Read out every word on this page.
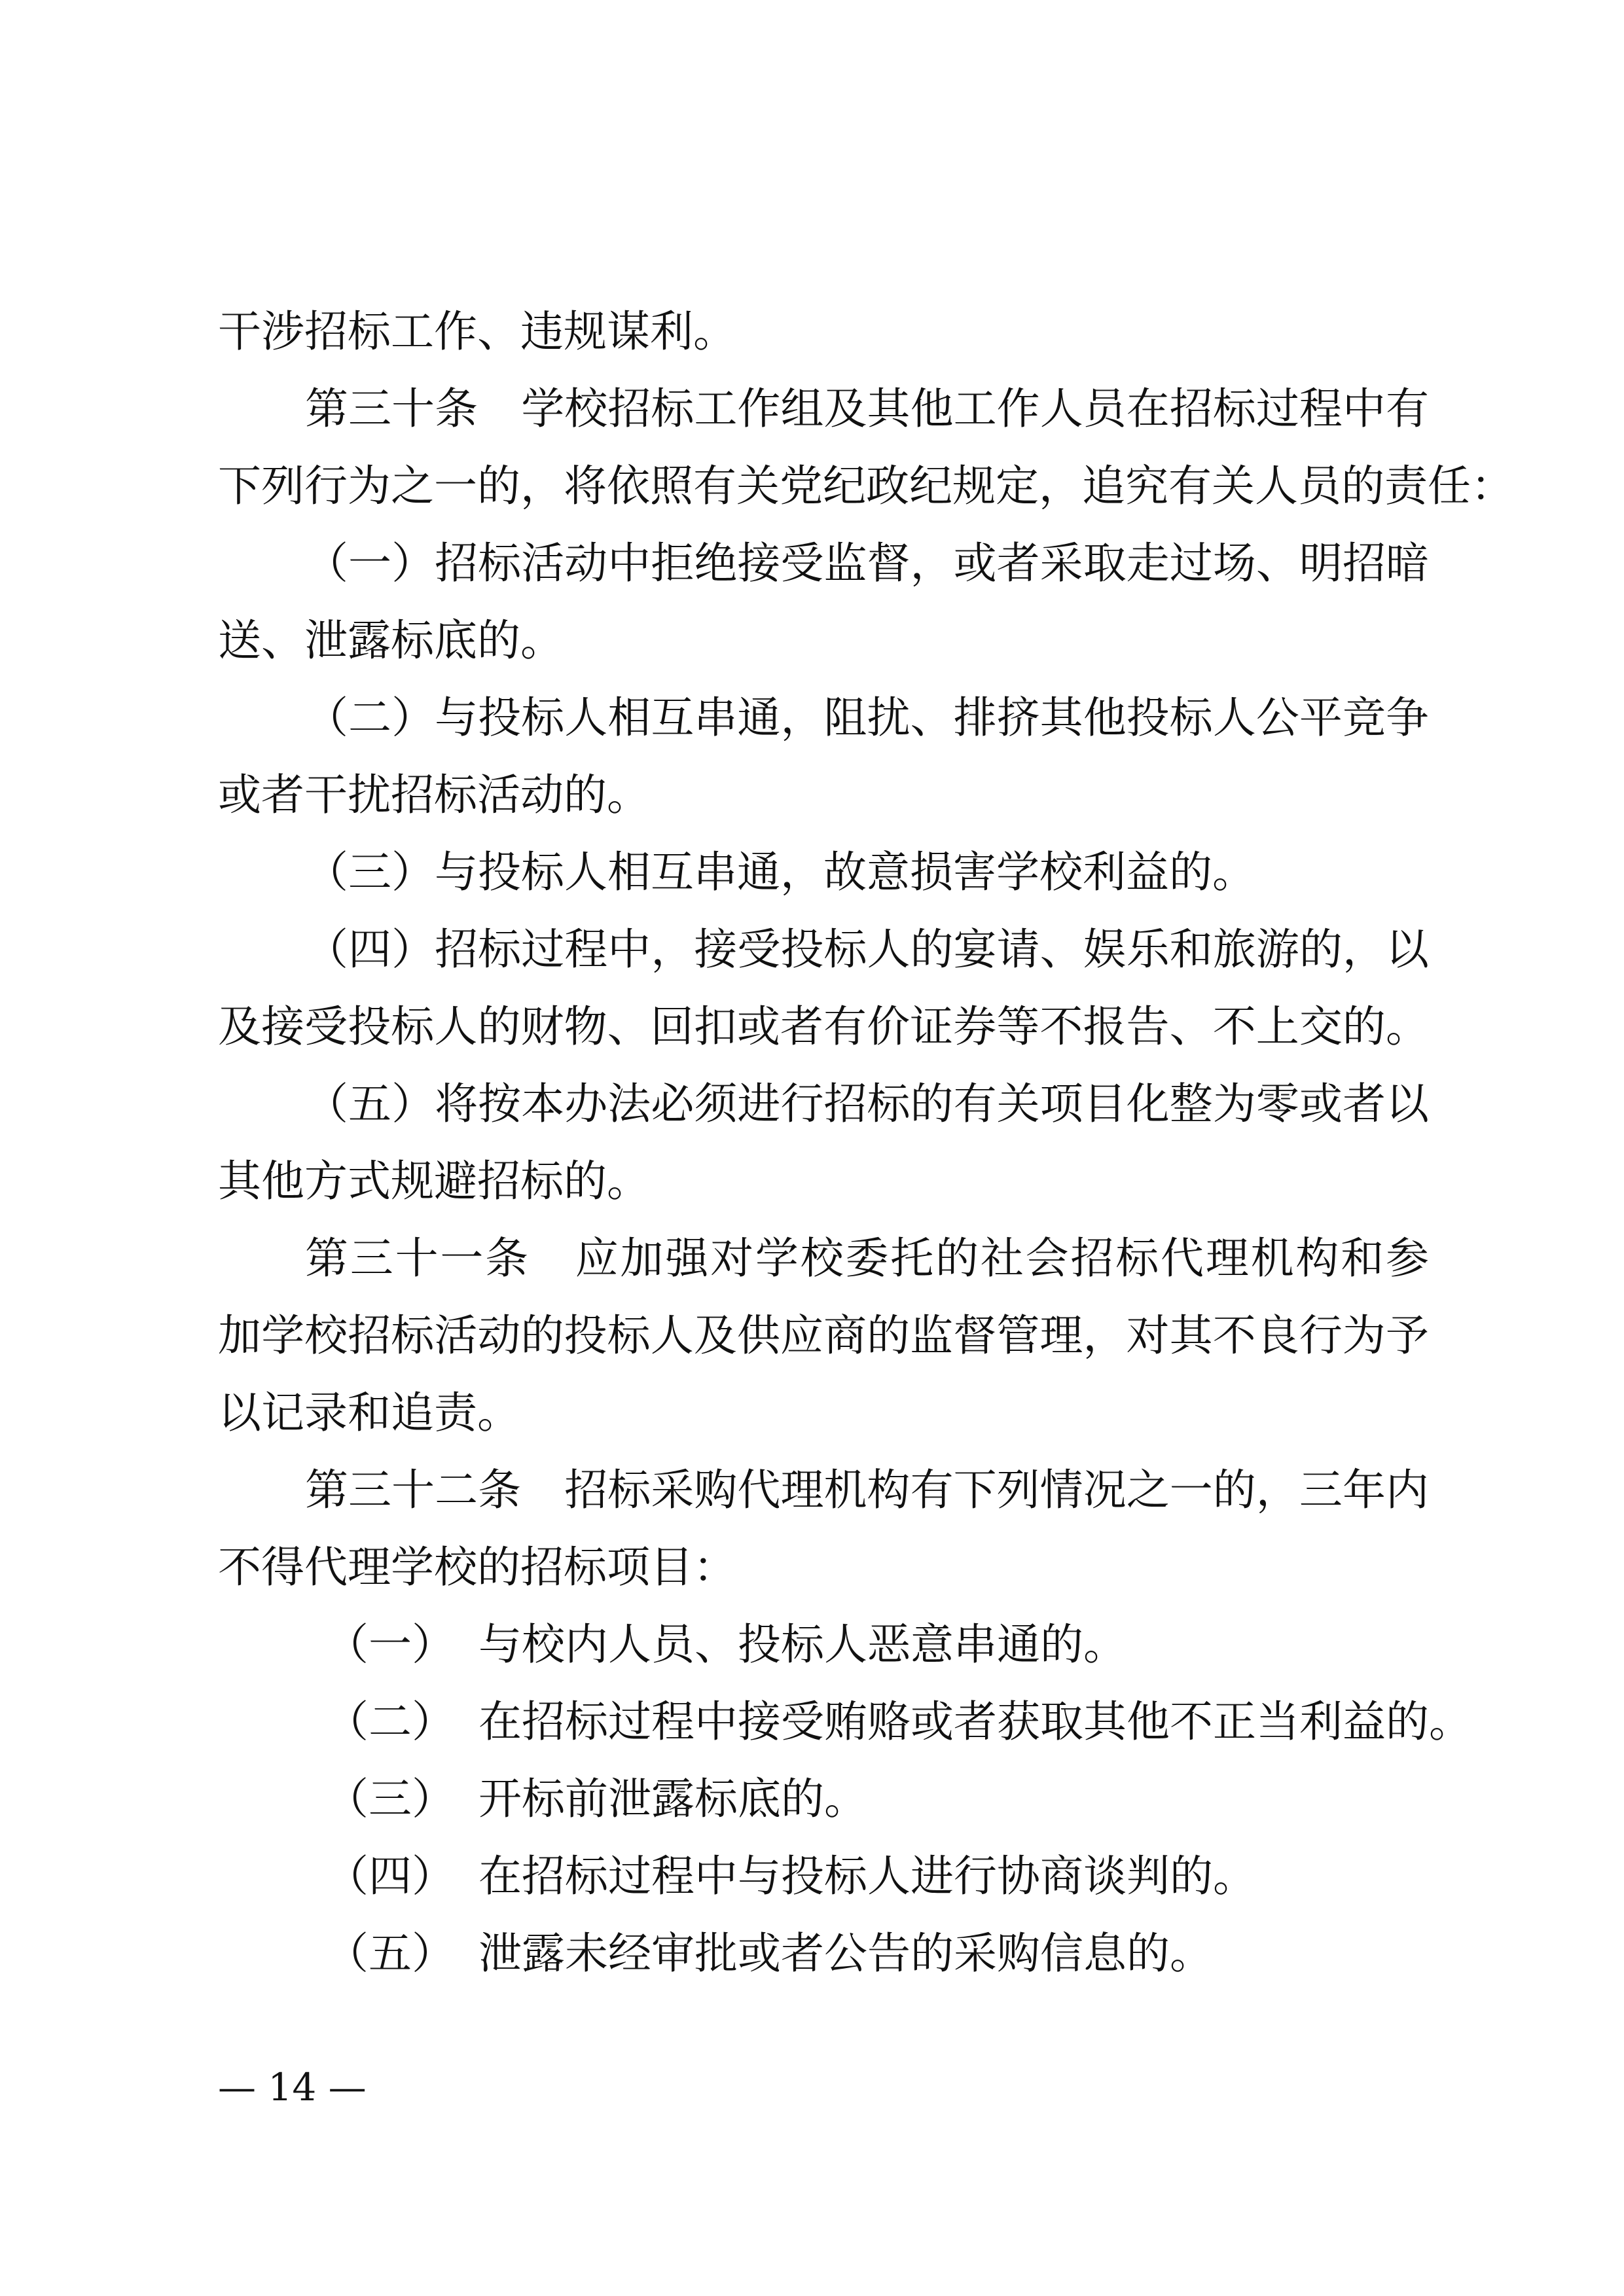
干涉招标工作、违规谋利。
第三十条 学校招标工作组及其他工作人员在招标过程中有
下列行为之一的，将依照有关党纪政纪规定，追究有关人员的责任：
（一）招标活动中拒绝接受监督，或者采取走过场、明招暗
送、泄露标底的。
（二）与投标人相互串通，阻扰、排挤其他投标人公平竞争
或者干扰招标活动的。
（三）与投标人相互串通，故意损害学校利益的。
（四）招标过程中，接受投标人的宴请、娱乐和旅游的，以
及接受投标人的财物、回扣或者有价证券等不报告、不上交的。
（五）将按本办法必须进行招标的有关项目化整为零或者以
其他方式规避招标的。
第三十一条 应加强对学校委托的社会招标代理机构和参
加学校招标活动的投标人及供应商的监督管理，对其不良行为予
以记录和追责。
第三十二条 招标采购代理机构有下列情况之一的，三年内
不得代理学校的招标项目：
（一） 与校内人员、投标人恶意串通的。
（二） 在招标过程中接受贿赂或者获取其他不正当利益的。
（三） 开标前泄露标底的。
（四） 在招标过程中与投标人进行协商谈判的。
（五） 泄露未经审批或者公告的采购信息的。
— 14 —
